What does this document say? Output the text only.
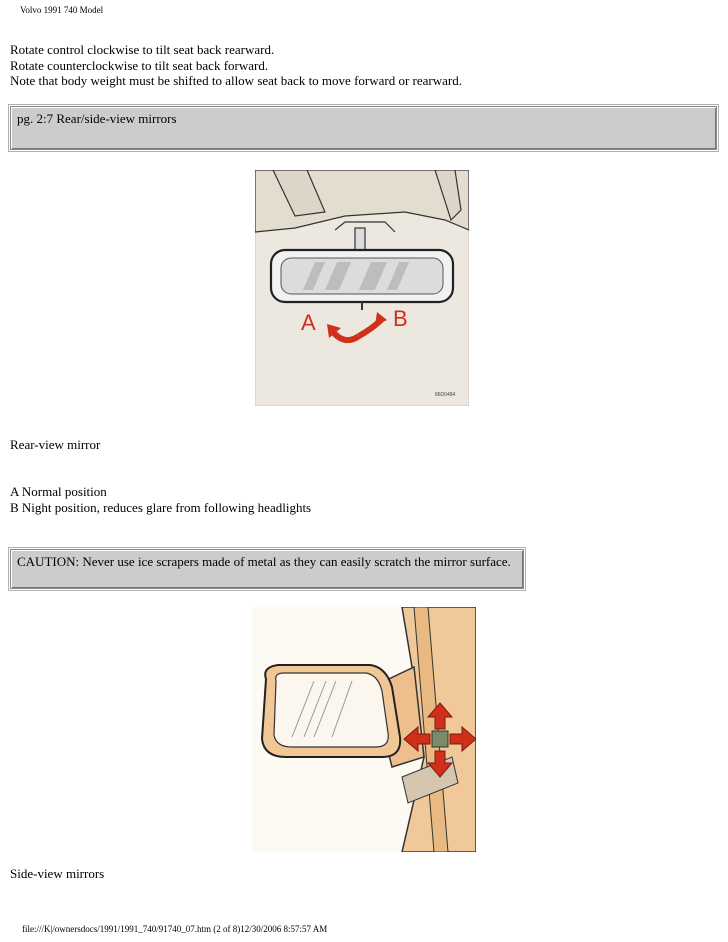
Volvo 1991 740 Model
Rotate control clockwise to tilt seat back rearward.
Rotate counterclockwise to tilt seat back forward.
Note that body weight must be shifted to allow seat back to move forward or rearward.
pg. 2:7 Rear/side-view mirrors
A	B
86D0484
Rear-view mirror
A Normal position
B Night position, reduces glare from following headlights
CAUTION: Never use ice scrapers made of metal as they can easily scratch the mirror surface.
Side-view mirrors
file:///K|/ownersdocs/1991/1991_740/91740_07.htm (2 of 8)12/30/2006 8:57:57 AM
